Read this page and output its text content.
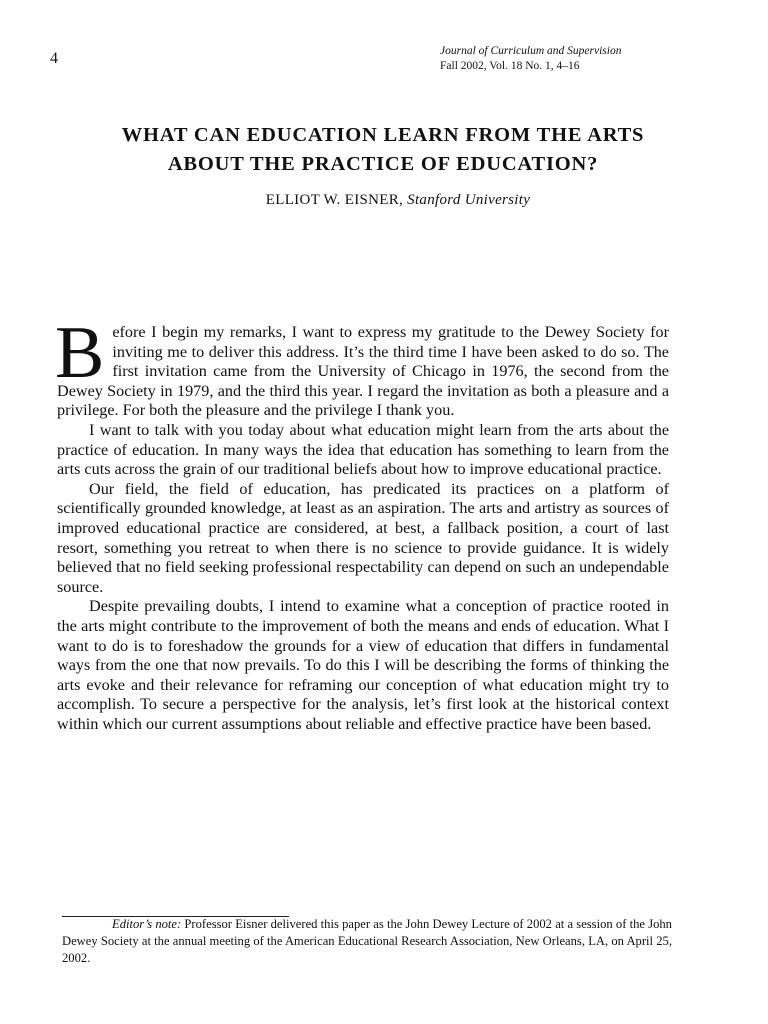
4	Journal of Curriculum and Supervision
Fall 2002, Vol. 18 No. 1, 4–16
WHAT CAN EDUCATION LEARN FROM THE ARTS
ABOUT THE PRACTICE OF EDUCATION?
ELLIOT W. EISNER, Stanford University

Before I begin my remarks, I want to express my gratitude to the Dewey Society for inviting me to deliver this address. It’s the third time I have been asked to do so. The first invitation came from the University of Chicago in 1976, the second from the Dewey Society in 1979, and the third this year. I regard the invitation as both a pleasure and a privilege. For both the pleasure and the privilege I thank you.

I want to talk with you today about what education might learn from the arts about the practice of education. In many ways the idea that education has something to learn from the arts cuts across the grain of our traditional beliefs about how to improve educational practice.

Our field, the field of education, has predicated its practices on a platform of scientifically grounded knowledge, at least as an aspiration. The arts and artistry as sources of improved educational practice are considered, at best, a fallback position, a court of last resort, something you retreat to when there is no science to provide guidance. It is widely believed that no field seeking professional respectability can depend on such an undependable source.

Despite prevailing doubts, I intend to examine what a conception of practice rooted in the arts might contribute to the improvement of both the means and ends of education. What I want to do is to foreshadow the grounds for a view of education that differs in fundamental ways from the one that now prevails. To do this I will be describing the forms of thinking the arts evoke and their relevance for reframing our conception of what education might try to accomplish. To secure a perspective for the analysis, let’s first look at the historical context within which our current assumptions about reliable and effective practice have been based.

Editor’s note: Professor Eisner delivered this paper as the John Dewey Lecture of 2002 at a session of the John Dewey Society at the annual meeting of the American Educational Research Association, New Orleans, LA, on April 25, 2002.
